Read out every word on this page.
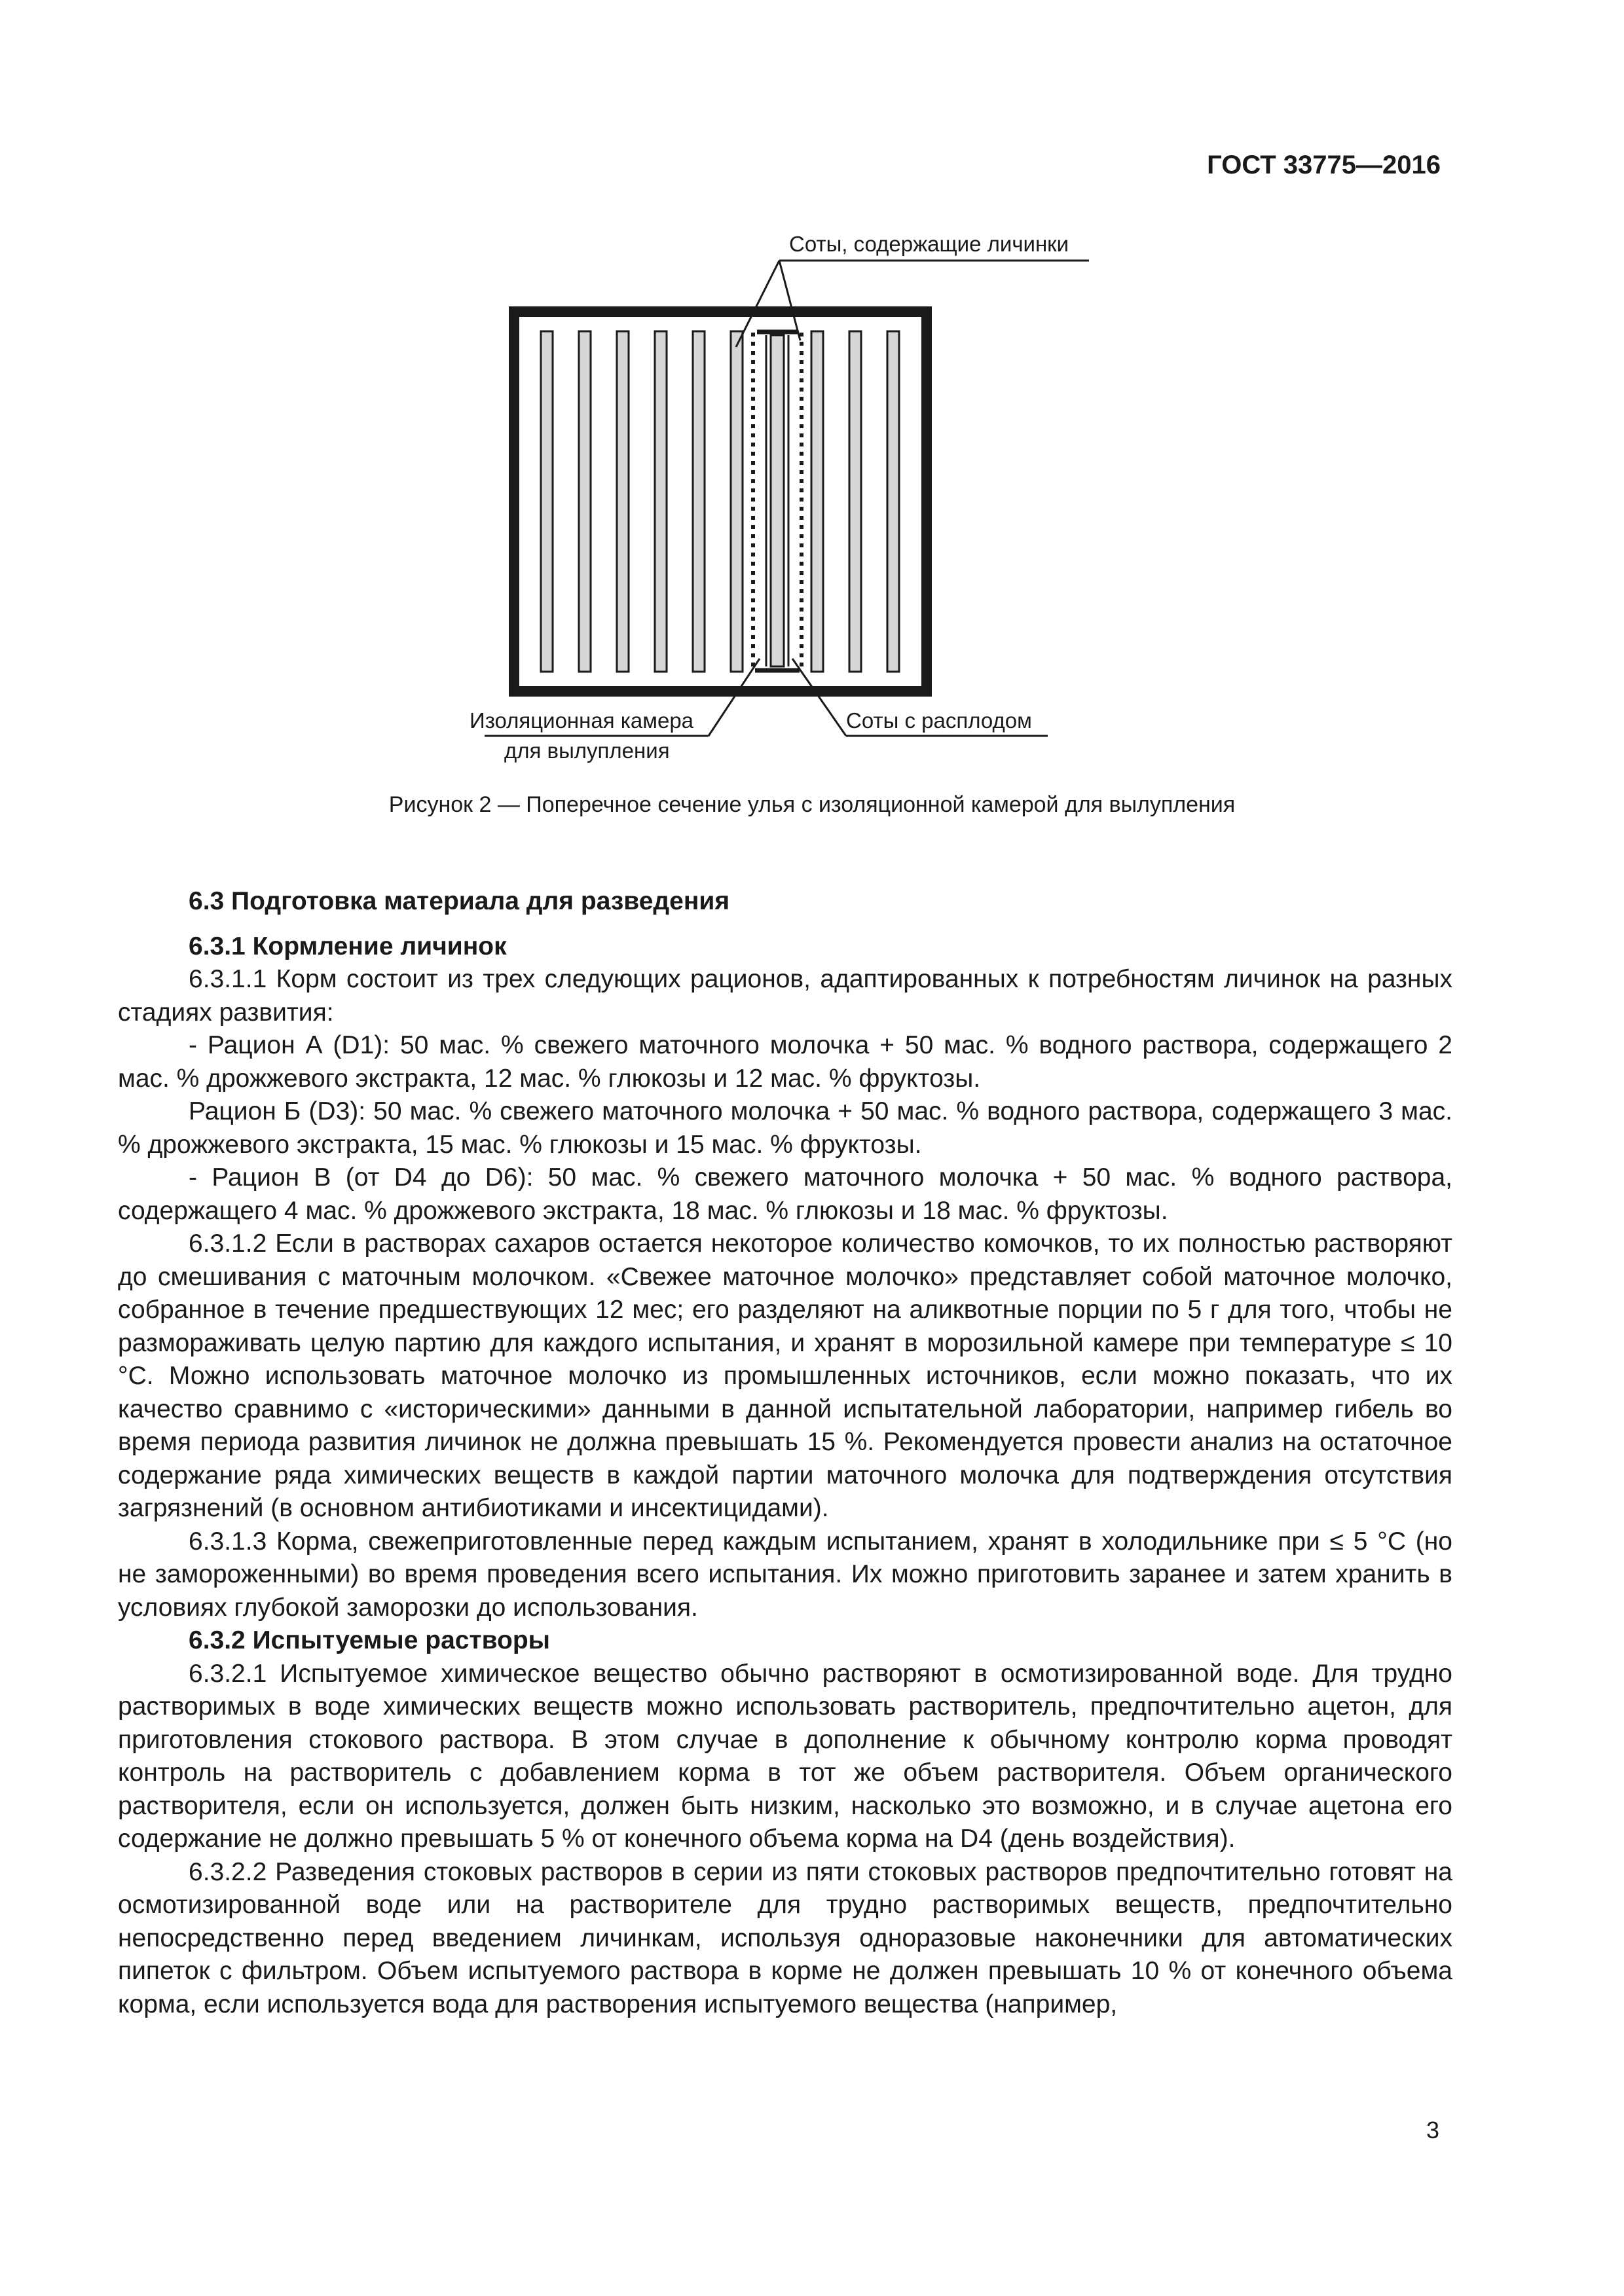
ГОСТ 33775—2016
Соты, содержащие личинки
Изоляционная камера
для вылупления
Соты с расплодом
Рисунок 2 — Поперечное сечение улья с изоляционной камерой для вылупления

6.3 Подготовка материала для разведения

6.3.1 Кормление личинок

6.3.1.1 Корм состоит из трех следующих рационов, адаптированных к потребностям личинок на разных стадиях развития:

- Рацион А (D1): 50 мас. % свежего маточного молочка + 50 мас. % водного раствора, содержащего 2 мас. % дрожжевого экстракта, 12 мас. % глюкозы и 12 мас. % фруктозы.

Рацион Б (D3): 50 мас. % свежего маточного молочка + 50 мас. % водного раствора, содержащего 3 мас. % дрожжевого экстракта, 15 мас. % глюкозы и 15 мас. % фруктозы.

- Рацион В (от D4 до D6): 50 мас. % свежего маточного молочка + 50 мас. % водного раствора, содержащего 4 мас. % дрожжевого экстракта, 18 мас. % глюкозы и 18 мас. % фруктозы.

6.3.1.2 Если в растворах сахаров остается некоторое количество комочков, то их полностью растворяют до смешивания с маточным молочком. «Свежее маточное молочко» представляет собой маточное молочко, собранное в течение предшествующих 12 мес; его разделяют на аликвотные порции по 5 г для того, чтобы не размораживать целую партию для каждого испытания, и хранят в морозильной камере при температуре ≤ 10 °С. Можно использовать маточное молочко из промышленных источников, если можно показать, что их качество сравнимо с «историческими» данными в данной испытательной лаборатории, например гибель во время периода развития личинок не должна превышать 15 %. Рекомендуется провести анализ на остаточное содержание ряда химических веществ в каждой партии маточного молочка для подтверждения отсутствия загрязнений (в основном антибиотиками и инсектицидами).

6.3.1.3 Корма, свежеприготовленные перед каждым испытанием, хранят в холодильнике при ≤ 5 °С (но не замороженными) во время проведения всего испытания. Их можно приготовить заранее и затем хранить в условиях глубокой заморозки до использования.

6.3.2 Испытуемые растворы

6.3.2.1 Испытуемое химическое вещество обычно растворяют в осмотизированной воде. Для трудно растворимых в воде химических веществ можно использовать растворитель, предпочтительно ацетон, для приготовления стокового раствора. В этом случае в дополнение к обычному контролю корма проводят контроль на растворитель с добавлением корма в тот же объем растворителя. Объем органического растворителя, если он используется, должен быть низким, насколько это возможно, и в случае ацетона его содержание не должно превышать 5 % от конечного объема корма на D4 (день воздействия).

6.3.2.2 Разведения стоковых растворов в серии из пяти стоковых растворов предпочтительно готовят на осмотизированной воде или на растворителе для трудно растворимых веществ, предпочтительно непосредственно перед введением личинкам, используя одноразовые наконечники для автоматических пипеток с фильтром. Объем испытуемого раствора в корме не должен превышать 10 % от конечного объема корма, если используется вода для растворения испытуемого вещества (например,

3
